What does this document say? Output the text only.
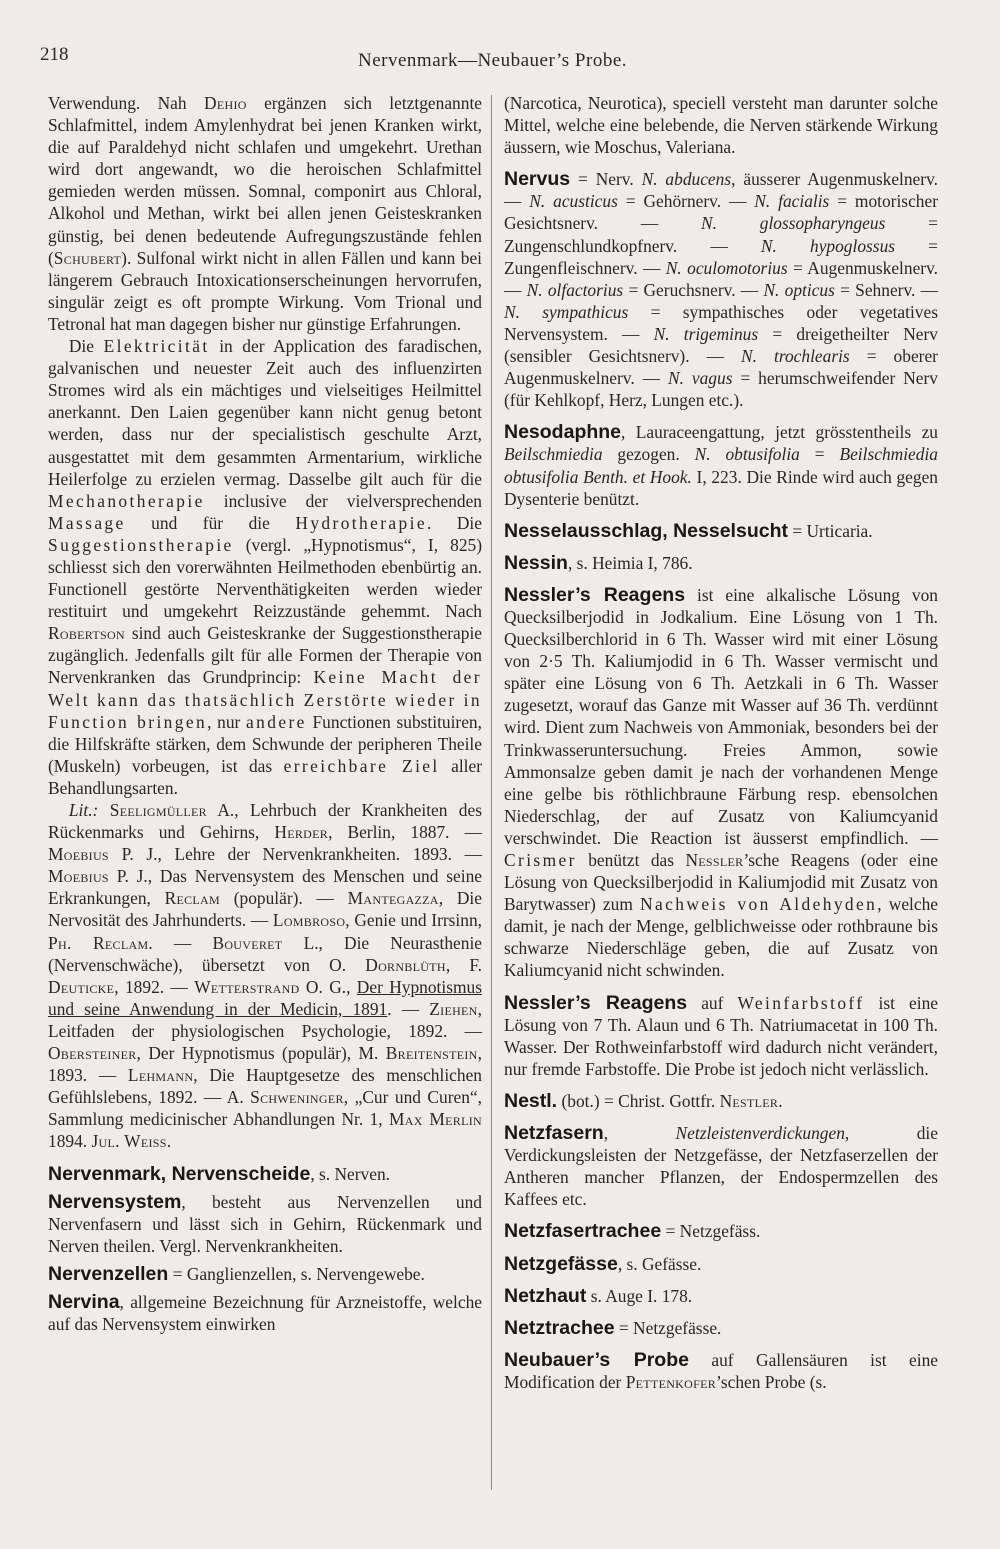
218	Nervenmark—Neubauer’s Probe.

Verwendung. Nah Dehio ergänzen sich letztgenannte Schlafmittel, indem Amylenhydrat bei jenen Kranken wirkt, die auf Paraldehyd nicht schlafen und umgekehrt. Urethan wird dort angewandt, wo die heroischen Schlafmittel gemieden werden müssen. Somnal, componirt aus Chloral, Alkohol und Methan, wirkt bei allen jenen Geisteskranken günstig, bei denen bedeutende Aufregungszustände fehlen (Schubert). Sulfonal wirkt nicht in allen Fällen und kann bei längerem Gebrauch Intoxicationserscheinungen hervorrufen, singulär zeigt es oft prompte Wirkung. Vom Trional und Tetronal hat man dagegen bisher nur günstige Erfahrungen.

Die Elektricität in der Application des faradischen, galvanischen und neuester Zeit auch des influenzirten Stromes wird als ein mächtiges und vielseitiges Heilmittel anerkannt. Den Laien gegenüber kann nicht genug betont werden, dass nur der specialistisch geschulte Arzt, ausgestattet mit dem gesammten Armentarium, wirkliche Heilerfolge zu erzielen vermag. Dasselbe gilt auch für die Mechanotherapie inclusive der vielversprechenden Massage und für die Hydrotherapie. Die Suggestionstherapie (vergl. „Hypnotismus“, I, 825) schliesst sich den vorerwähnten Heilmethoden ebenbürtig an. Functionell gestörte Nerventhätigkeiten werden wieder restituirt und umgekehrt Reizzustände gehemmt. Nach Robertson sind auch Geisteskranke der Suggestionstherapie zugänglich. Jedenfalls gilt für alle Formen der Therapie von Nervenkranken das Grundprincip: Keine Macht der Welt kann das thatsächlich Zerstörte wieder in Function bringen, nur andere Functionen substituiren, die Hilfskräfte stärken, dem Schwunde der peripheren Theile (Muskeln) vorbeugen, ist das erreichbare Ziel aller Behandlungsarten.

Lit.: Seeligmüller A., Lehrbuch der Krankheiten des Rückenmarks und Gehirns, Herder, Berlin, 1887. — Moebius P. J., Lehre der Nervenkrankheiten. 1893. — Moebius P. J., Das Nervensystem des Menschen und seine Erkrankungen, Reclam (populär). — Mantegazza, Die Nervosität des Jahrhunderts. — Lombroso, Genie und Irrsinn, Ph. Reclam. — Bouveret L., Die Neurasthenie (Nervenschwäche), übersetzt von O. Dornblüth, F. Deuticke, 1892. — Wetterstrand O. G., Der Hypnotismus und seine Anwendung in der Medicin, 1891. — Ziehen, Leitfaden der physiologischen Psychologie, 1892. — Obersteiner, Der Hypnotismus (populär), M. Breitenstein, 1893. — Lehmann, Die Hauptgesetze des menschlichen Gefühlslebens, 1892. — A. Schweninger, „Cur und Curen“, Sammlung medicinischer Abhandlungen Nr. 1, Max Merlin 1894. Jul. Weiss.

Nervenmark, Nervenscheide, s. Nerven.

Nervensystem, besteht aus Nervenzellen und Nervenfasern und lässt sich in Gehirn, Rückenmark und Nerven theilen. Vergl. Nervenkrankheiten.

Nervenzellen = Ganglienzellen, s. Nervengewebe.

Nervina, allgemeine Bezeichnung für Arzneistoffe, welche auf das Nervensystem einwirken

(Narcotica, Neurotica), speciell versteht man darunter solche Mittel, welche eine belebende, die Nerven stärkende Wirkung äussern, wie Moschus, Valeriana.

Nervus = Nerv. N. abducens, äusserer Augenmuskelnerv. — N. acusticus = Gehörnerv. — N. facialis = motorischer Gesichtsnerv. — N. glossopharyngeus = Zungenschlundkopfnerv. — N. hypoglossus = Zungenfleischnerv. — N. oculomotorius = Augenmuskelnerv. — N. olfactorius = Geruchsnerv. — N. opticus = Sehnerv. — N. sympathicus = sympathisches oder vegetatives Nervensystem. — N. trigeminus = dreigetheilter Nerv (sensibler Gesichtsnerv). — N. trochlearis = oberer Augenmuskelnerv. — N. vagus = herumschweifender Nerv (für Kehlkopf, Herz, Lungen etc.).

Nesodaphne, Lauraceengattung, jetzt grösstentheils zu Beilschmiedia gezogen. N. obtusifolia = Beilschmiedia obtusifolia Benth. et Hook. I, 223. Die Rinde wird auch gegen Dysenterie benützt.

Nesselausschlag, Nesselsucht = Urticaria.

Nessin, s. Heimia I, 786.

Nessler’s Reagens ist eine alkalische Lösung von Quecksilberjodid in Jodkalium. Eine Lösung von 1 Th. Quecksilberchlorid in 6 Th. Wasser wird mit einer Lösung von 2·5 Th. Kaliumjodid in 6 Th. Wasser vermischt und später eine Lösung von 6 Th. Aetzkali in 6 Th. Wasser zugesetzt, worauf das Ganze mit Wasser auf 36 Th. verdünnt wird. Dient zum Nachweis von Ammoniak, besonders bei der Trinkwasseruntersuchung. Freies Ammon, sowie Ammonsalze geben damit je nach der vorhandenen Menge eine gelbe bis röthlichbraune Färbung resp. ebensolchen Niederschlag, der auf Zusatz von Kaliumcyanid verschwindet. Die Reaction ist äusserst empfindlich. — Crismer benützt das Nessler’sche Reagens (oder eine Lösung von Quecksilberjodid in Kaliumjodid mit Zusatz von Barytwasser) zum Nachweis von Aldehyden, welche damit, je nach der Menge, gelblichweisse oder rothbraune bis schwarze Niederschläge geben, die auf Zusatz von Kaliumcyanid nicht schwinden.

Nessler’s Reagens auf Weinfarbstoff ist eine Lösung von 7 Th. Alaun und 6 Th. Natriumacetat in 100 Th. Wasser. Der Rothweinfarbstoff wird dadurch nicht verändert, nur fremde Farbstoffe. Die Probe ist jedoch nicht verlässlich.

Nestl. (bot.) = Christ. Gottfr. Nestler.

Netzfasern, Netzleistenverdickungen, die Verdickungsleisten der Netzgefässe, der Netzfaserzellen der Antheren mancher Pflanzen, der Endospermzellen des Kaffees etc.

Netzfasertrachee = Netzgefäss.

Netzgefässe, s. Gefässe.

Netzhaut s. Auge I. 178.

Netztrachee = Netzgefässe.

Neubauer’s Probe auf Gallensäuren ist eine Modification der Pettenkofer’schen Probe (s.
